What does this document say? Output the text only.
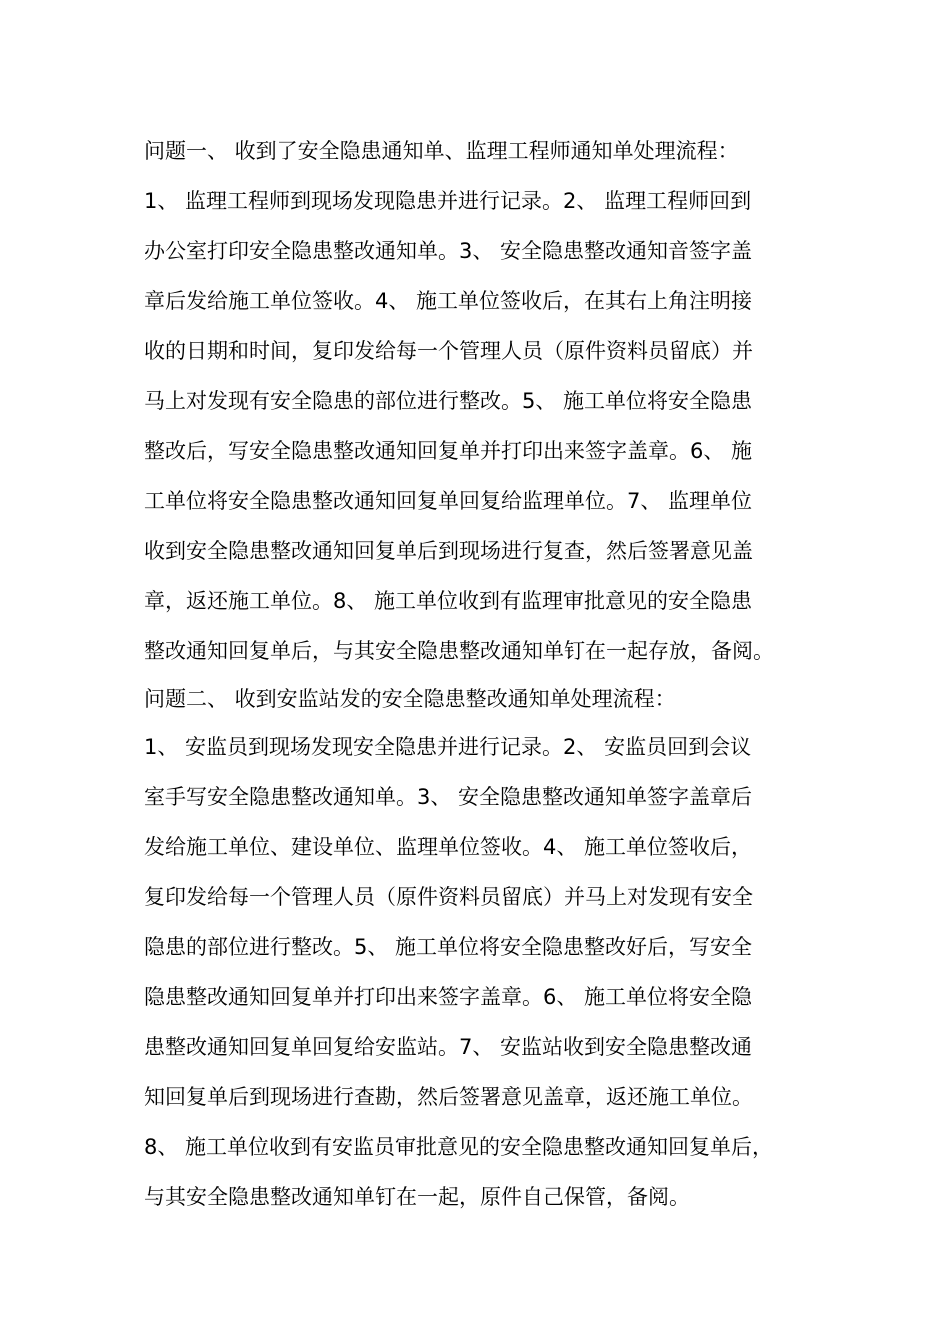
问题一、 收到了安全隐患通知单、监理工程师通知单处理流程：
1、 监理工程师到现场发现隐患并进行记录。2、 监理工程师回到
办公室打印安全隐患整改通知单。3、 安全隐患整改通知音签字盖
章后发给施工单位签收。4、 施工单位签收后，在其右上角注明接
收的日期和时间，复印发给每一个管理人员（原件资料员留底）并
马上对发现有安全隐患的部位进行整改。5、 施工单位将安全隐患
整改后，写安全隐患整改通知回复单并打印出来签字盖章。6、 施
工单位将安全隐患整改通知回复单回复给监理单位。7、 监理单位
收到安全隐患整改通知回复单后到现场进行复查，然后签署意见盖
章，返还施工单位。8、 施工单位收到有监理审批意见的安全隐患
整改通知回复单后，与其安全隐患整改通知单钉在一起存放，备阅。
问题二、 收到安监站发的安全隐患整改通知单处理流程：
1、 安监员到现场发现安全隐患并进行记录。2、 安监员回到会议
室手写安全隐患整改通知单。3、 安全隐患整改通知单签字盖章后
发给施工单位、建设单位、监理单位签收。4、 施工单位签收后，
复印发给每一个管理人员（原件资料员留底）并马上对发现有安全
隐患的部位进行整改。5、 施工单位将安全隐患整改好后，写安全
隐患整改通知回复单并打印出来签字盖章。6、 施工单位将安全隐
患整改通知回复单回复给安监站。7、 安监站收到安全隐患整改通
知回复单后到现场进行查勘，然后签署意见盖章，返还施工单位。
8、 施工单位收到有安监员审批意见的安全隐患整改通知回复单后，
与其安全隐患整改通知单钉在一起，原件自己保管，备阅。
